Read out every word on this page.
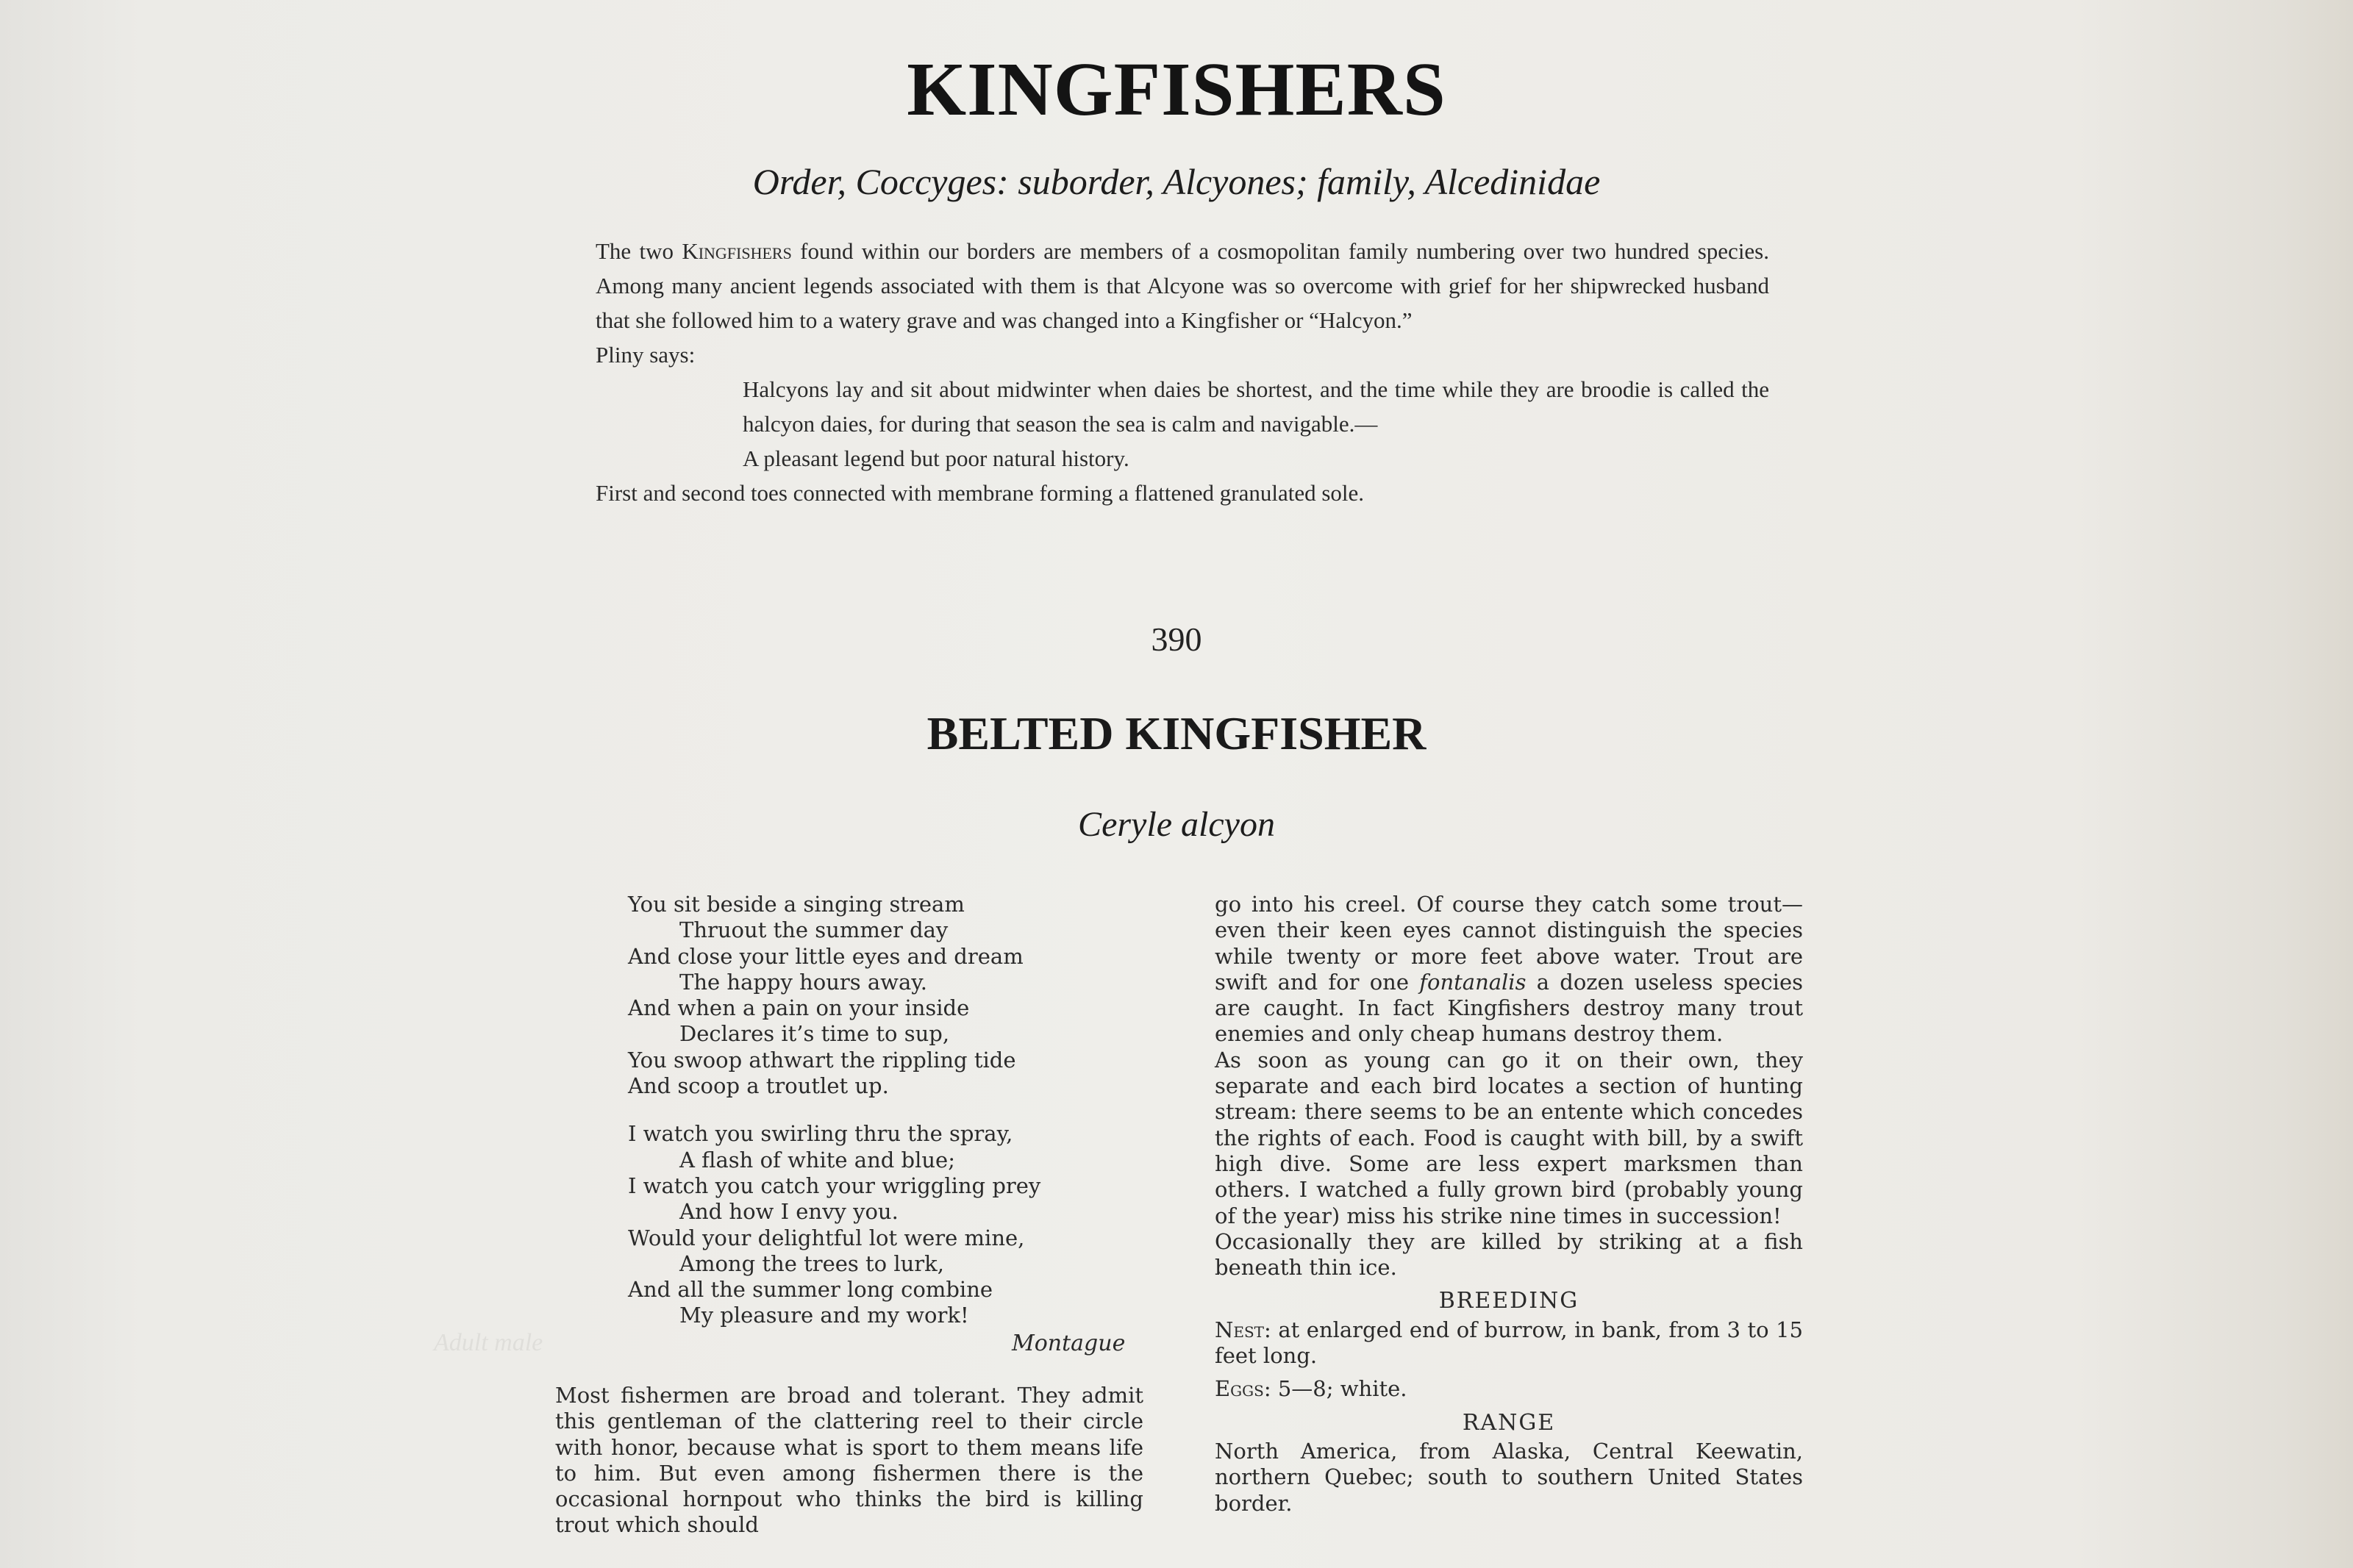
KINGFISHERS
Order, Coccyges: suborder, Alcyones; family, Alcedinidae

The two Kingfishers found within our borders are members of a cosmopolitan family numbering over two hundred species. Among many ancient legends associated with them is that Alcyone was so overcome with grief for her shipwrecked husband that she followed him to a watery grave and was changed into a Kingfisher or “Halcyon.”

Pliny says:

Halcyons lay and sit about midwinter when daies be shortest, and the time while they are broodie is called the halcyon daies, for during that season the sea is calm and navigable.—

A pleasant legend but poor natural history.

First and second toes connected with membrane forming a flattened granulated sole.

390
BELTED KINGFISHER
Ceryle alcyon
You sit beside a singing stream
Thruout the summer day
And close your little eyes and dream
The happy hours away.
And when a pain on your inside
Declares it’s time to sup,
You swoop athwart the rippling tide
And scoop a troutlet up.
I watch you swirling thru the spray,
A flash of white and blue;
I watch you catch your wriggling prey
And how I envy you.
Would your delightful lot were mine,
Among the trees to lurk,
And all the summer long combine
My pleasure and my work!
Adult male	Montague
Most fishermen are broad and tolerant. They admit this gentleman of the clattering reel to their circle with honor, because what is sport to them means life to him. But even among fishermen there is the occasional hornpout who thinks the bird is killing trout which should

go into his creel. Of course they catch some trout—even their keen eyes cannot distinguish the species while twenty or more feet above water. Trout are swift and for one fontanalis a dozen useless species are caught. In fact Kingfishers destroy many trout enemies and only cheap humans destroy them.

As soon as young can go it on their own, they separate and each bird locates a section of hunting stream: there seems to be an entente which concedes the rights of each. Food is caught with bill, by a swift high dive. Some are less expert marksmen than others. I watched a fully grown bird (probably young of the year) miss his strike nine times in succession!

Occasionally they are killed by striking at a fish beneath thin ice.

BREEDING

Nest: at enlarged end of burrow, in bank, from 3 to 15 feet long.

Eggs: 5—8; white.

RANGE

North America, from Alaska, Central Keewatin, northern Quebec; south to southern United States border.
